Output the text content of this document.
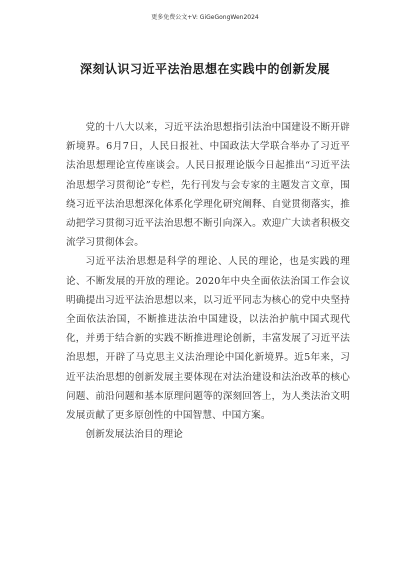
更多免费公文+V: GiGeGongWen2024
深刻认识习近平法治思想在实践中的创新发展

党的十八大以来，习近平法治思想指引法治中国建设不断开辟新境界。6月7日，人民日报社、中国政法大学联合举办了习近平法治思想理论宣传座谈会。人民日报理论版今日起推出“习近平法治思想学习贯彻论”专栏，先行刊发与会专家的主题发言文章，围绕习近平法治思想深化体系化学理化研究阐释、自觉贯彻落实，推动把学习贯彻习近平法治思想不断引向深入。欢迎广大读者积极交流学习贯彻体会。

习近平法治思想是科学的理论、人民的理论，也是实践的理论、不断发展的开放的理论。2020年中央全面依法治国工作会议明确提出习近平法治思想以来，以习近平同志为核心的党中央坚持全面依法治国，不断推进法治中国建设，以法治护航中国式现代化，并勇于结合新的实践不断推进理论创新，丰富发展了习近平法治思想，开辟了马克思主义法治理论中国化新境界。近5年来，习近平法治思想的创新发展主要体现在对法治建设和法治改革的核心问题、前沿问题和基本原理问题等的深刻回答上，为人类法治文明发展贡献了更多原创性的中国智慧、中国方案。

创新发展法治目的理论
